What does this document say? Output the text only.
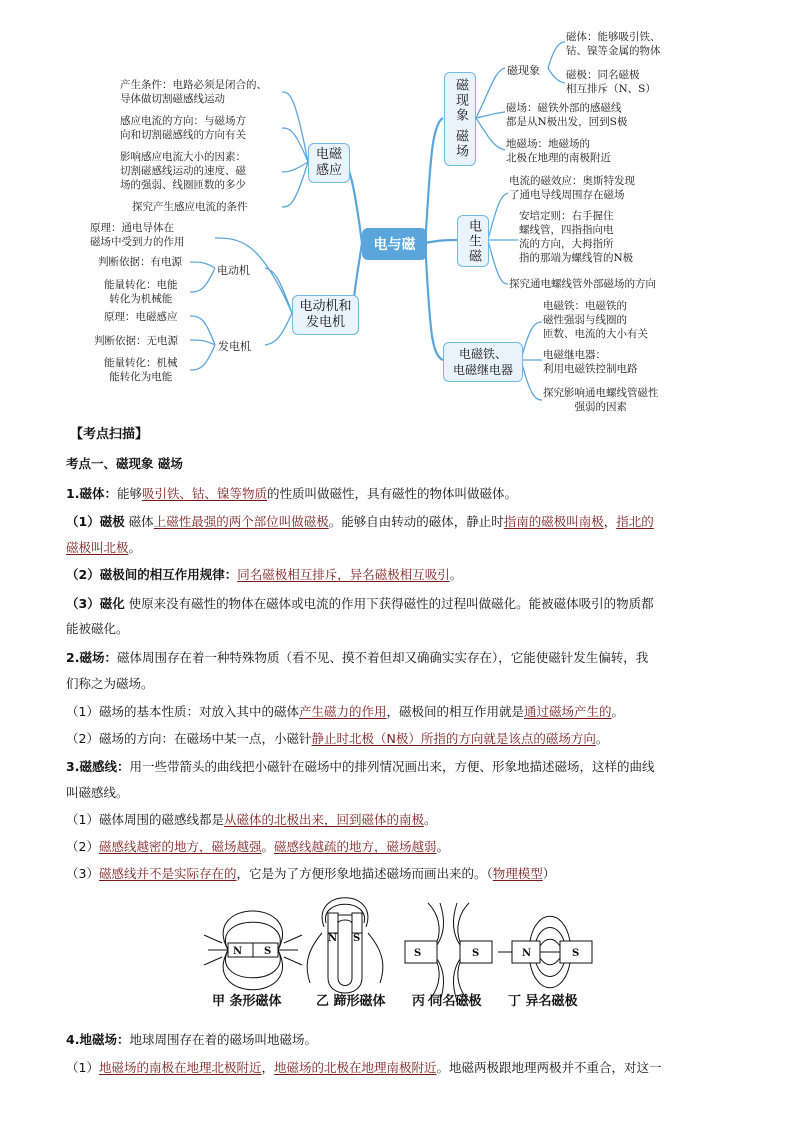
电与磁
磁现象 磁场
磁现象
磁体：能够吸引铁、
钴、镍等金属的物体
磁极：同名磁极
相互排斥（N、S）
磁场：磁铁外部的感磁线
都是从N极出发，回到S极
地磁场：地磁场的
北极在地理的南极附近
电生磁
电流的磁效应：奥斯特发现
了通电导线周围存在磁场
安培定则：右手握住
螺线管，四指指向电
流的方向，大拇指所
指的那端为螺线管的N极
探究通电螺线管外部磁场的方向
电磁铁、
电磁继电器
电磁铁：电磁铁的
磁性强弱与线圈的
匝数、电流的大小有关
电磁继电器：
利用电磁铁控制电路
探究影响通电螺线管磁性
强弱的因素
电磁
感应
产生条件：电路必须是闭合的、
导体做切割磁感线运动
感应电流的方向：与磁场方
向和切割磁感线的方向有关
影响感应电流大小的因素：
切割磁感线运动的速度、磁
场的强弱、线圈匝数的多少
探究产生感应电流的条件
电动机和
发电机
原理：通电导体在
磁场中受到力的作用
电动机
判断依据：有电源
能量转化：电能
转化为机械能
发电机
原理：电磁感应
判断依据：无电源
能量转化：机械
能转化为电能
【考点扫描】
考点一、磁现象 磁场
1.磁体：能够吸引铁、钴、镍等物质的性质叫做磁性，具有磁性的物体叫做磁体。
（1）磁极 磁体上磁性最强的两个部位叫做磁极。能够自由转动的磁体，静止时指南的磁极叫南极，指北的
磁极叫北极。
（2）磁极间的相互作用规律：同名磁极相互排斥，异名磁极相互吸引。
（3）磁化 使原来没有磁性的物体在磁体或电流的作用下获得磁性的过程叫做磁化。能被磁体吸引的物质都
能被磁化。
2.磁场：磁体周围存在着一种特殊物质（看不见、摸不着但却又确确实实存在），它能使磁针发生偏转，我
们称之为磁场。
（1）磁场的基本性质：对放入其中的磁体产生磁力的作用，磁极间的相互作用就是通过磁场产生的。
（2）磁场的方向：在磁场中某一点，小磁针静止时北极（N极）所指的方向就是该点的磁场方向。
3.磁感线：用一些带箭头的曲线把小磁针在磁场中的排列情况画出来，方便、形象地描述磁场，这样的曲线
叫磁感线。
（1）磁体周围的磁感线都是从磁体的北极出来，回到磁体的南极。
（2）磁感线越密的地方，磁场越强。磁感线越疏的地方，磁场越弱。
（3）磁感线并不是实际存在的，它是为了方便形象地描述磁场而画出来的。（物理模型）
N S
N S
S	S	N	S
甲 条形磁体	乙 蹄形磁体 丙 同名磁极 丁 异名磁极
4.地磁场：地球周围存在着的磁场叫地磁场。
（1）地磁场的南极在地理北极附近，地磁场的北极在地理南极附近。地磁两极跟地理两极并不重合，对这一
